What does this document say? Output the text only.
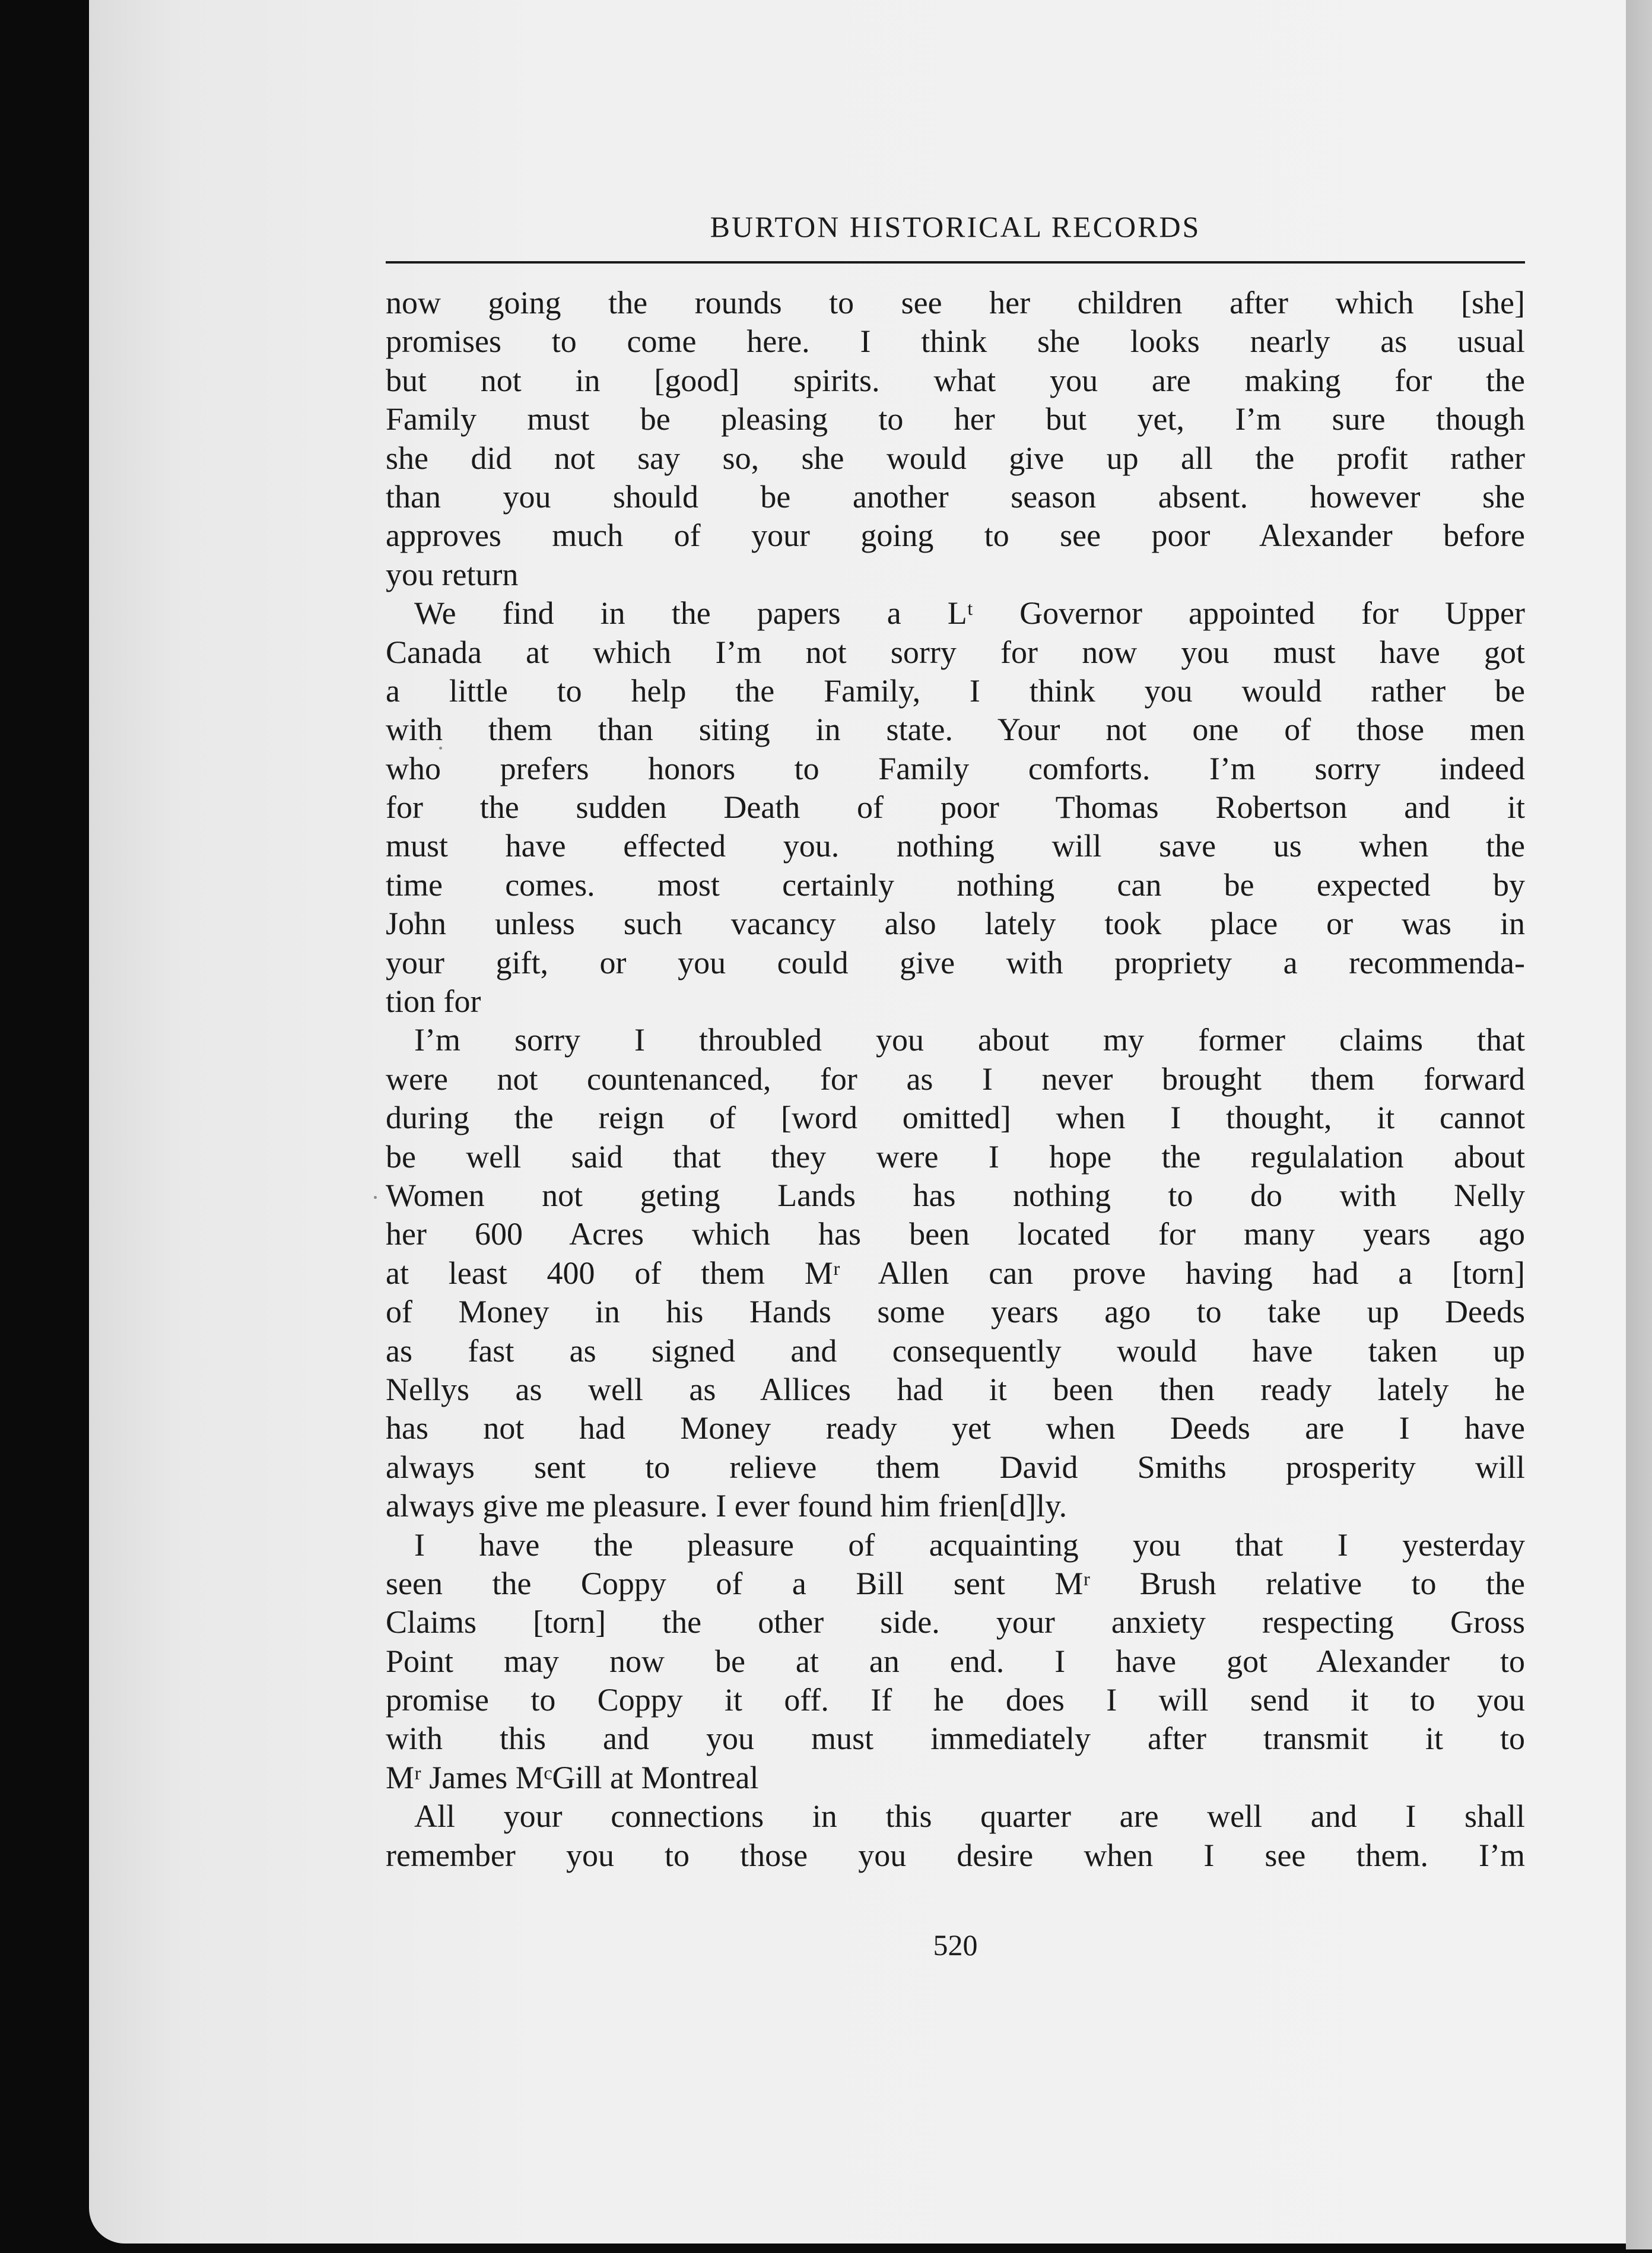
BURTON HISTORICAL RECORDS
now going the rounds to see her children after which [she]
promises to come here. I think she looks nearly as usual
but not in [good] spirits. what you are making for the
Family must be pleasing to her but yet, I’m sure though
she did not say so, she would give up all the profit rather
than you should be another season absent. however she
approves much of your going to see poor Alexander before
you return
We find in the papers a Lᵗ Governor appointed for Upper
Canada at which I’m not sorry for now you must have got
a little to help the Family, I think you would rather be
with them than siting in state. Your not one of those men
who prefers honors to Family comforts. I’m sorry indeed
for the sudden Death of poor Thomas Robertson and it
must have effected you. nothing will save us when the
time comes. most certainly nothing can be expected by
John unless such vacancy also lately took place or was in
your gift, or you could give with propriety a recommenda-
tion for
I’m sorry I throubled you about my former claims that
were not countenanced, for as I never brought them forward
during the reign of [word omitted] when I thought, it cannot
be well said that they were I hope the regulalation about
Women not geting Lands has nothing to do with Nelly
her 600 Acres which has been located for many years ago
at least 400 of them Mʳ Allen can prove having had a [torn]
of Money in his Hands some years ago to take up Deeds
as fast as signed and consequently would have taken up
Nellys as well as Allices had it been then ready lately he
has not had Money ready yet when Deeds are I have
always sent to relieve them David Smiths prosperity will
always give me pleasure. I ever found him frien[d]ly.
I have the pleasure of acquainting you that I yesterday
seen the Coppy of a Bill sent Mʳ Brush relative to the
Claims [torn] the other side. your anxiety respecting Gross
Point may now be at an end. I have got Alexander to
promise to Coppy it off. If he does I will send it to you
with this and you must immediately after transmit it to
Mʳ James MᶜGill at Montreal
All your connections in this quarter are well and I shall
remember you to those you desire when I see them. I’m
520
